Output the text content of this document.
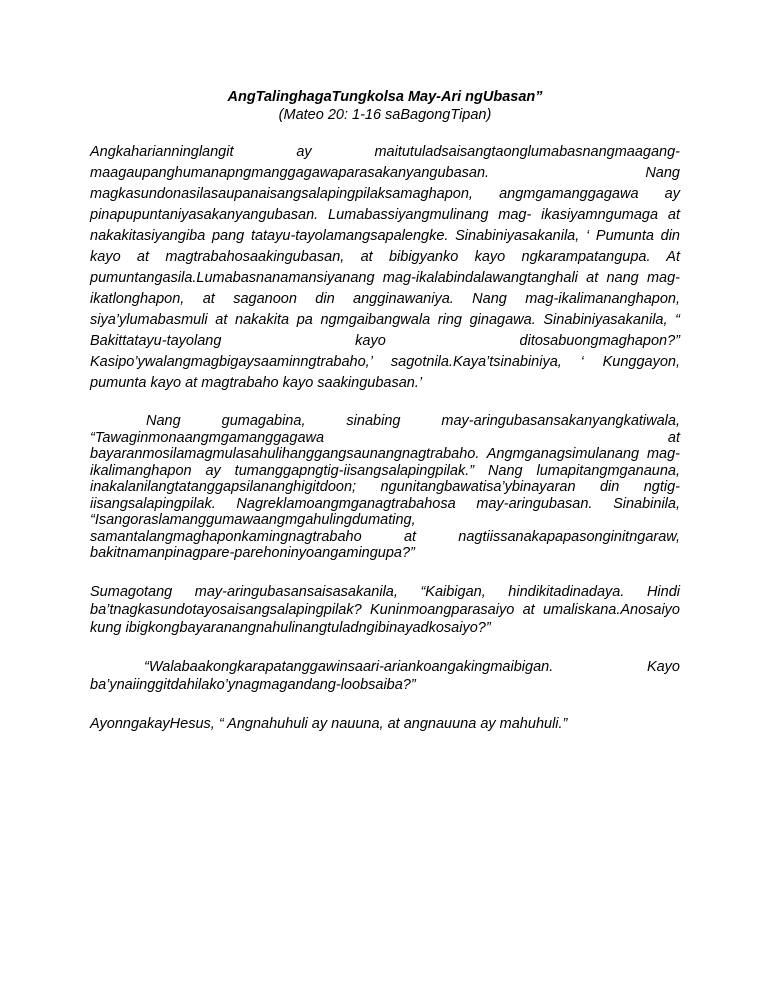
AngTalinghagaTungkolsa May-Ari ngUbasan”

(Mateo 20: 1-16 saBagongTipan)

Angkaharianninglangit ay maitutuladsaisangtaonglumabasnangmaagang-maagaupanghumanapngmanggagawaparasakanyangubasan. Nang magkasundonasilasaupanaisangsalapingpilaksamaghapon, angmgamanggagawa ay pinapupuntaniyasakanyangubasan. Lumabassiyangmulinang mag- ikasiyamngumaga at nakakitasiyangiba pang tatayu-tayolamangsapalengke. Sinabiniyasakanila, ‘ Pumunta din kayo at magtrabahosaakingubasan, at bibigyanko kayo ngkarampatangupa. At pumuntangasila.Lumabasnanamansiyanang mag-ikalabindalawangtanghali at nang mag-ikatlonghapon, at saganoon din angginawaniya. Nang mag-ikalimananghapon, siya’ylumabasmuli at nakakita pa ngmgaibangwala ring ginagawa. Sinabiniyasakanila, “ Bakittatayu-tayolang kayo ditosabuongmaghapon?” Kasipo’ywalangmagbigaysaaminngtrabaho,’ sagotnila.Kaya’tsinabiniya, ‘ Kunggayon, pumunta kayo at magtrabaho kayo saakingubasan.’

Nang gumagabina, sinabing may-aringubasansakanyangkatiwala, “Tawaginmonaangmgamanggagawa at bayaranmosilamagmulasahulihanggangsaunangnagtrabaho. Angmganagsimulanang mag-ikalimanghapon ay tumanggapngtig-iisangsalapingpilak.” Nang lumapitangmganauna, inakalanilangtatanggapsilananghigitdoon; ngunitangbawatisa’ybinayaran din ngtig-iisangsalapingpilak. Nagreklamoangmganagtrabahosa may-aringubasan. Sinabinila, “Isangoraslamanggumawaangmgahulingdumating, samantalangmaghaponkamingnagtrabaho at nagtiissanakapapasonginitngaraw, bakitnamanpinagpare-parehoninyoangamingupa?”

Sumagotang may-aringubasansaisasakanila, “Kaibigan, hindikitadinadaya. Hindi ba’tnagkasundotayosaisangsalapingpilak? Kuninmoangparasaiyo at umaliskana.Anosaiyo kung ibigkongbayaranangnahulinangtuladngibinayadkosaiyo?”

“Walabaakongkarapatanggawinsaari-ariankoangakingmaibigan. Kayo ba’ynaiinggitdahilako’ynagmagandang-loobsaiba?”

AyonngakayHesus, “ Angnahuhuli ay nauuna, at angnauuna ay mahuhuli.”
